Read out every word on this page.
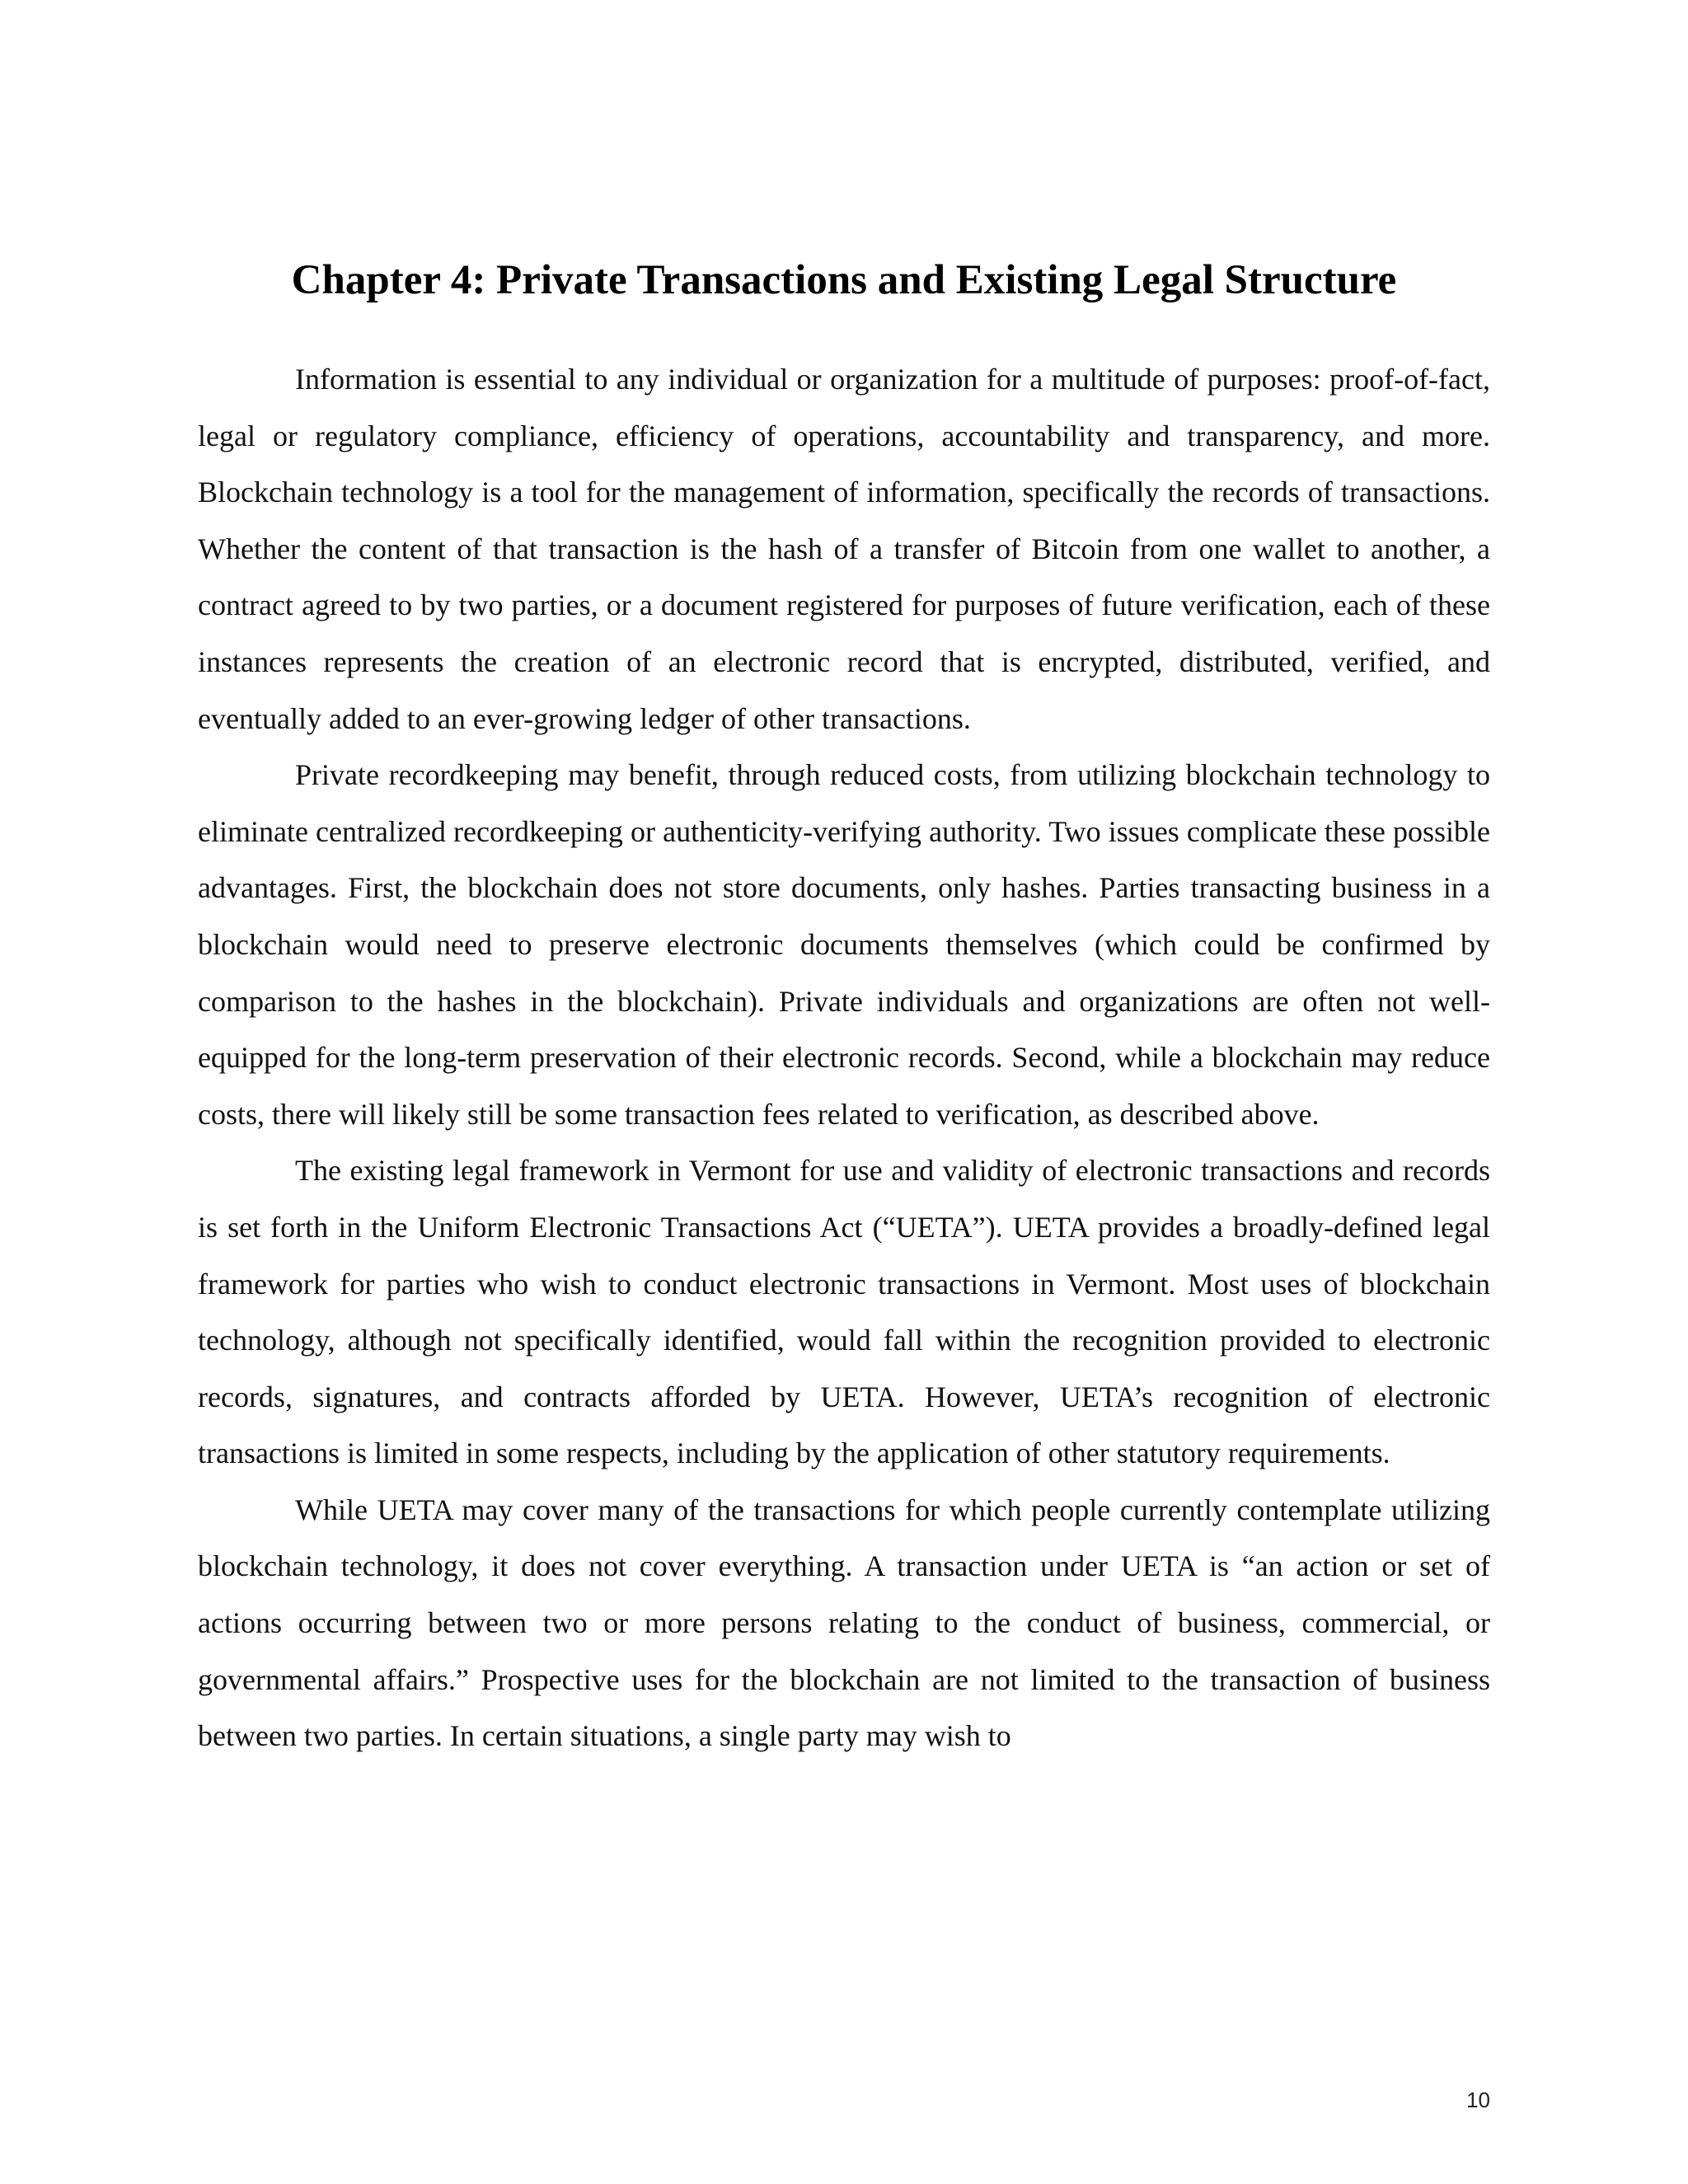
Chapter 4: Private Transactions and Existing Legal Structure

Information is essential to any individual or organization for a multitude of purposes: proof-of-fact, legal or regulatory compliance, efficiency of operations, accountability and transparency, and more. Blockchain technology is a tool for the management of information, specifically the records of transactions. Whether the content of that transaction is the hash of a transfer of Bitcoin from one wallet to another, a contract agreed to by two parties, or a document registered for purposes of future verification, each of these instances represents the creation of an electronic record that is encrypted, distributed, verified, and eventually added to an ever-growing ledger of other transactions.

Private recordkeeping may benefit, through reduced costs, from utilizing blockchain technology to eliminate centralized recordkeeping or authenticity-verifying authority. Two issues complicate these possible advantages. First, the blockchain does not store documents, only hashes. Parties transacting business in a blockchain would need to preserve electronic documents themselves (which could be confirmed by comparison to the hashes in the blockchain). Private individuals and organizations are often not well-equipped for the long-term preservation of their electronic records. Second, while a blockchain may reduce costs, there will likely still be some transaction fees related to verification, as described above.

The existing legal framework in Vermont for use and validity of electronic transactions and records is set forth in the Uniform Electronic Transactions Act (“UETA”). UETA provides a broadly-defined legal framework for parties who wish to conduct electronic transactions in Vermont. Most uses of blockchain technology, although not specifically identified, would fall within the recognition provided to electronic records, signatures, and contracts afforded by UETA. However, UETA’s recognition of electronic transactions is limited in some respects, including by the application of other statutory requirements.

While UETA may cover many of the transactions for which people currently contemplate utilizing blockchain technology, it does not cover everything. A transaction under UETA is “an action or set of actions occurring between two or more persons relating to the conduct of business, commercial, or governmental affairs.” Prospective uses for the blockchain are not limited to the transaction of business between two parties. In certain situations, a single party may wish to

10
